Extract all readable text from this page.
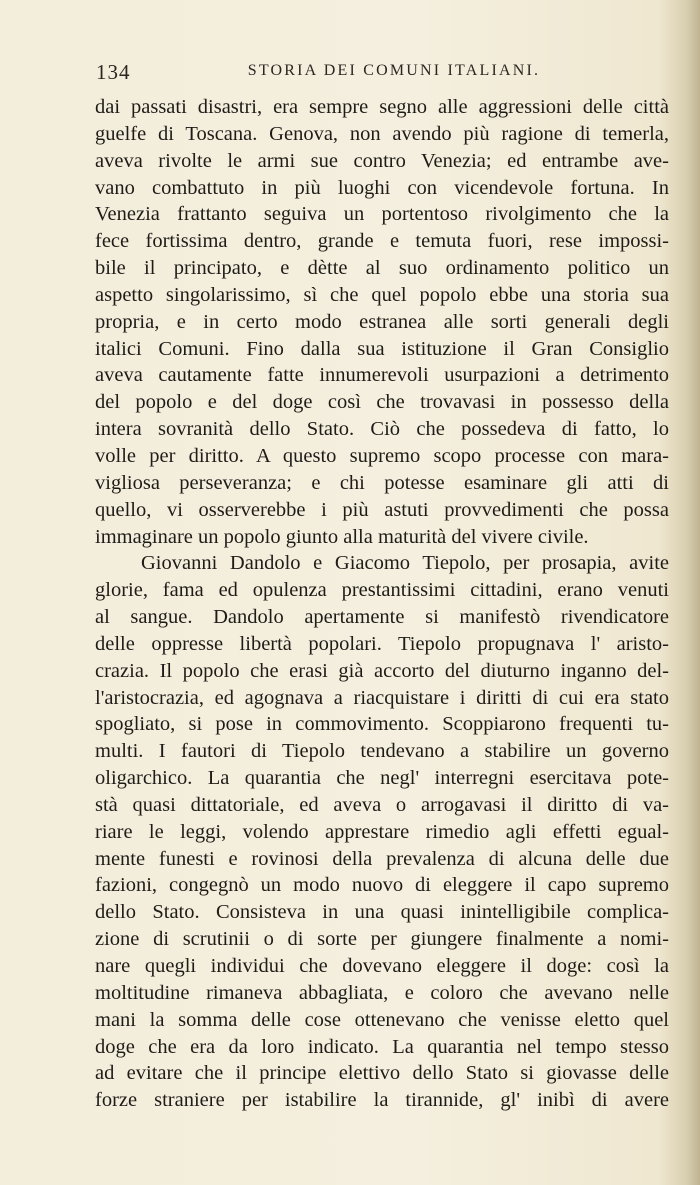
134	STORIA DEI COMUNI ITALIANI.
dai passati disastri, era sempre segno alle aggressioni delle città
guelfe di Toscana. Genova, non avendo più ragione di temerla,
aveva rivolte le armi sue contro Venezia; ed entrambe ave-
vano combattuto in più luoghi con vicendevole fortuna. In
Venezia frattanto seguiva un portentoso rivolgimento che la
fece fortissima dentro, grande e temuta fuori, rese impossi-
bile il principato, e dètte al suo ordinamento politico un
aspetto singolarissimo, sì che quel popolo ebbe una storia sua
propria, e in certo modo estranea alle sorti generali degli
italici Comuni. Fino dalla sua istituzione il Gran Consiglio
aveva cautamente fatte innumerevoli usurpazioni a detrimento
del popolo e del doge così che trovavasi in possesso della
intera sovranità dello Stato. Ciò che possedeva di fatto, lo
volle per diritto. A questo supremo scopo processe con mara-
vigliosa perseveranza; e chi potesse esaminare gli atti di
quello, vi osserverebbe i più astuti provvedimenti che possa
immaginare un popolo giunto alla maturità del vivere civile.
Giovanni Dandolo e Giacomo Tiepolo, per prosapia, avite
glorie, fama ed opulenza prestantissimi cittadini, erano venuti
al sangue. Dandolo apertamente si manifestò rivendicatore
delle oppresse libertà popolari. Tiepolo propugnava l' aristo-
crazia. Il popolo che erasi già accorto del diuturno inganno del-
l'aristocrazia, ed agognava a riacquistare i diritti di cui era stato
spogliato, si pose in commovimento. Scoppiarono frequenti tu-
multi. I fautori di Tiepolo tendevano a stabilire un governo
oligarchico. La quarantia che negl' interregni esercitava pote-
stà quasi dittatoriale, ed aveva o arrogavasi il diritto di va-
riare le leggi, volendo apprestare rimedio agli effetti egual-
mente funesti e rovinosi della prevalenza di alcuna delle due
fazioni, congegnò un modo nuovo di eleggere il capo supremo
dello Stato. Consisteva in una quasi inintelligibile complica-
zione di scrutinii o di sorte per giungere finalmente a nomi-
nare quegli individui che dovevano eleggere il doge: così la
moltitudine rimaneva abbagliata, e coloro che avevano nelle
mani la somma delle cose ottenevano che venisse eletto quel
doge che era da loro indicato. La quarantia nel tempo stesso
ad evitare che il principe elettivo dello Stato si giovasse delle
forze straniere per istabilire la tirannide, gl' inibì di avere
